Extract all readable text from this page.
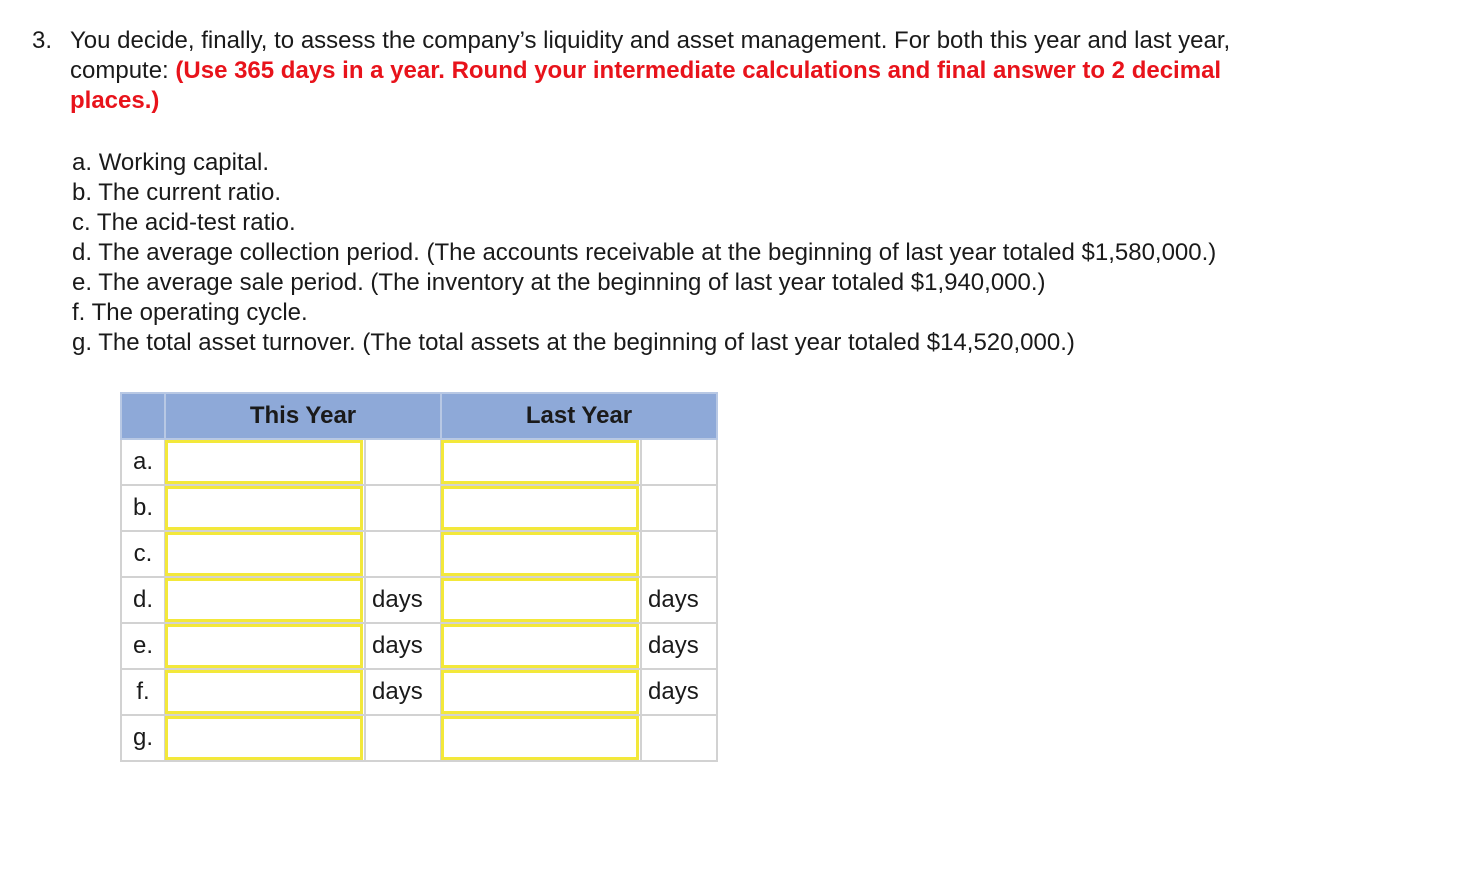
3. You decide, finally, to assess the company’s liquidity and asset management. For both this year and last year, compute: (Use 365 days in a year. Round your intermediate calculations and final answer to 2 decimal places.)
a. Working capital.
b. The current ratio.
c. The acid-test ratio.
d. The average collection period. (The accounts receivable at the beginning of last year totaled $1,580,000.)
e. The average sale period. (The inventory at the beginning of last year totaled $1,940,000.)
f. The operating cycle.
g. The total asset turnover. (The total assets at the beginning of last year totaled $14,520,000.)
	This Year		Last Year	
a.	

b.	

c.	

d.		days		days
e.		days		days
f.		days		days
g.	
